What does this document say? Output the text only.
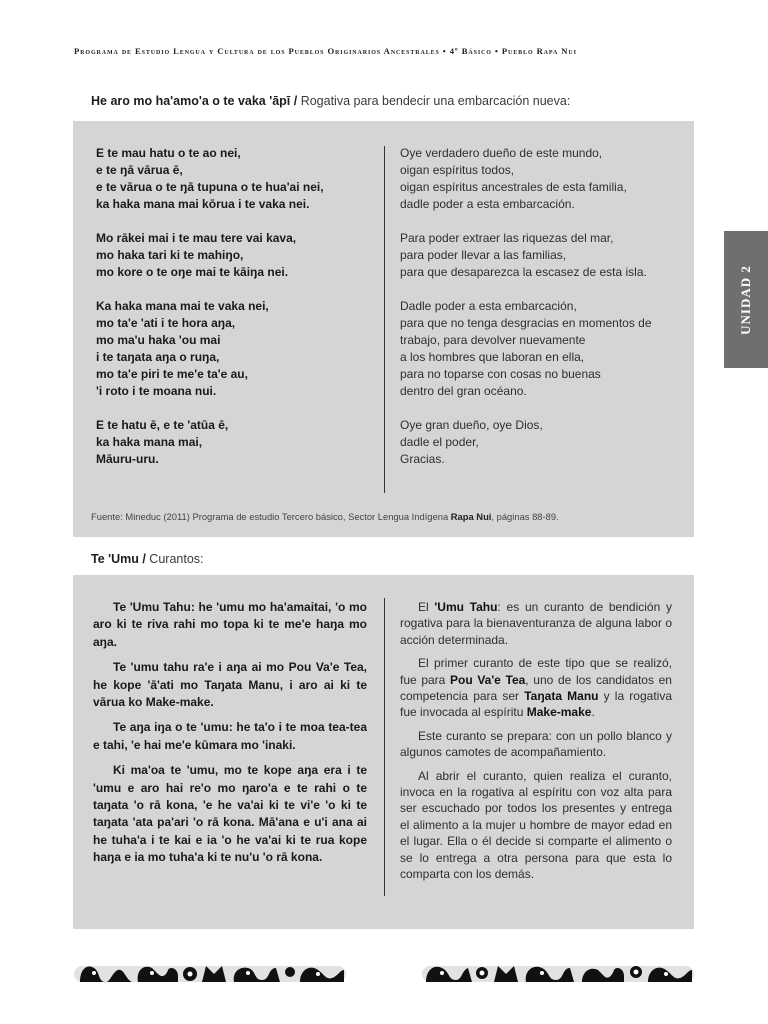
Programa de Estudio Lengua y Cultura de los Pueblos Originarios Ancestrales • 4º Básico • Pueblo Rapa Nui
UNIDAD 2
He aro mo ha'amo'a o te vaka 'āpī / Rogativa para bendecir una embarcación nueva:
E te mau hatu o te ao nei,
e te ŋā vārua ē,
e te vārua o te ŋā tupuna o te hua'ai nei,
ka haka mana mai kōrua i te vaka nei.
Mo rākei mai i te mau tere vai kava,
mo haka tari ki te mahiŋo,
mo kore o te oŋe mai te kāiŋa nei.
Ka haka mana mai te vaka nei,
mo ta'e 'ati i te hora aŋa,
mo ma'u haka 'ou mai
i te taŋata aŋa o ruŋa,
mo ta'e piri te me'e ta'e au,
'i roto i te moana nui.
E te hatu ē, e te 'atūa ē,
ka haka mana mai,
Māuru-uru.
Oye verdadero dueño de este mundo,
oigan espíritus todos,
oigan espíritus ancestrales de esta familia,
dadle poder a esta embarcación.
Para poder extraer las riquezas del mar,
para poder llevar a las familias,
para que desaparezca la escasez de esta isla.
Dadle poder a esta embarcación,
para que no tenga desgracias en momentos de
trabajo, para devolver nuevamente
a los hombres que laboran en ella,
para no toparse con cosas no buenas
dentro del gran océano.
Oye gran dueño, oye Dios,
dadle el poder,
Gracias.
Fuente: Mineduc (2011) Programa de estudio Tercero básico, Sector Lengua Indígena Rapa Nui, páginas 88-89.
Te 'Umu / Curantos:

Te 'Umu Tahu: he 'umu mo ha'amaitai, 'o mo aro ki te riva rahi mo topa ki te me'e haŋa mo aŋa.

Te 'umu tahu ra'e i aŋa ai mo Pou Va'e Tea, he kope 'ā'ati mo Taŋata Manu, i aro ai ki te vārua ko Make-make.

Te aŋa iŋa o te 'umu: he ta'o i te moa tea-tea e tahi, 'e hai me'e kūmara mo 'inaki.

Ki ma'oa te 'umu, mo te kope aŋa era i te 'umu e aro hai re'o mo ŋaro'a e te rahi o te taŋata 'o rā kona, 'e he va'ai ki te vi'e 'o ki te taŋata 'ata pa'ari 'o rā kona. Mā'ana e u'i ana ai he tuha'a i te kai e ia 'o he va'ai ki te rua kope haŋa e ia mo tuha'a ki te nu'u 'o rā kona.

El 'Umu Tahu: es un curanto de bendición y rogativa para la bienaventuranza de alguna labor o acción determinada.

El primer curanto de este tipo que se realizó, fue para Pou Va'e Tea, uno de los candidatos en competencia para ser Taŋata Manu y la rogativa fue invocada al espíritu Make-make.

Este curanto se prepara: con un pollo blanco y algunos camotes de acompañamiento.

Al abrir el curanto, quien realiza el curanto, invoca en la rogativa al espíritu con voz alta para ser escuchado por todos los presentes y entrega el alimento a la mujer u hombre de mayor edad en el lugar. Ella o él decide si comparte el alimento o se lo entrega a otra persona para que esta lo comparta con los demás.
